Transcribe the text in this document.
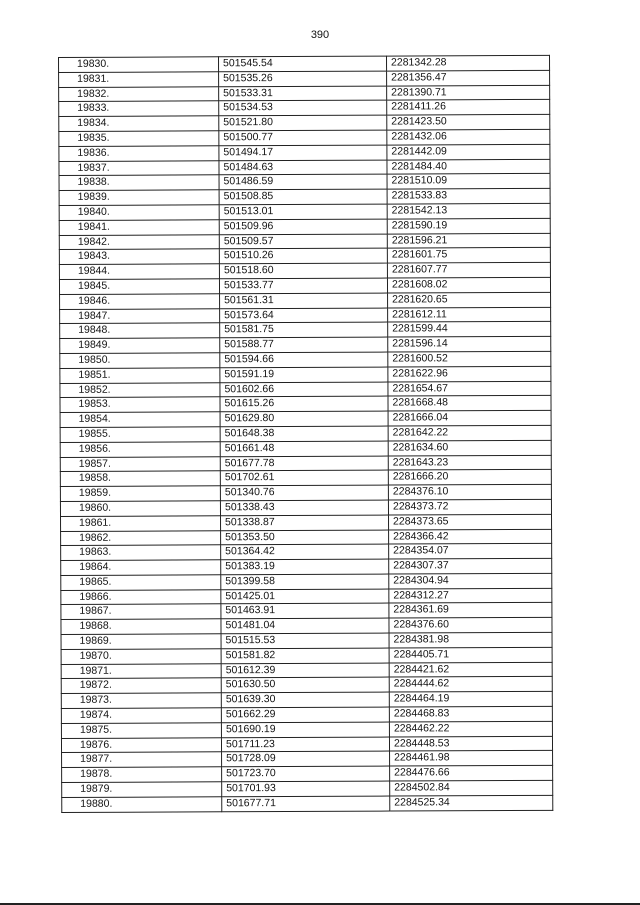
390
19830.	501545.54	2281342.28
19831.	501535.26	2281356.47
19832.	501533.31	2281390.71
19833.	501534.53	2281411.26
19834.	501521.80	2281423.50
19835.	501500.77	2281432.06
19836.	501494.17	2281442.09
19837.	501484.63	2281484.40
19838.	501486.59	2281510.09
19839.	501508.85	2281533.83
19840.	501513.01	2281542.13
19841.	501509.96	2281590.19
19842.	501509.57	2281596.21
19843.	501510.26	2281601.75
19844.	501518.60	2281607.77
19845.	501533.77	2281608.02
19846.	501561.31	2281620.65
19847.	501573.64	2281612.11
19848.	501581.75	2281599.44
19849.	501588.77	2281596.14
19850.	501594.66	2281600.52
19851.	501591.19	2281622.96
19852.	501602.66	2281654.67
19853.	501615.26	2281668.48
19854.	501629.80	2281666.04
19855.	501648.38	2281642.22
19856.	501661.48	2281634.60
19857.	501677.78	2281643.23
19858.	501702.61	2281666.20
19859.	501340.76	2284376.10
19860.	501338.43	2284373.72
19861.	501338.87	2284373.65
19862.	501353.50	2284366.42
19863.	501364.42	2284354.07
19864.	501383.19	2284307.37
19865.	501399.58	2284304.94
19866.	501425.01	2284312.27
19867.	501463.91	2284361.69
19868.	501481.04	2284376.60
19869.	501515.53	2284381.98
19870.	501581.82	2284405.71
19871.	501612.39	2284421.62
19872.	501630.50	2284444.62
19873.	501639.30	2284464.19
19874.	501662.29	2284468.83
19875.	501690.19	2284462.22
19876.	501711.23	2284448.53
19877.	501728.09	2284461.98
19878.	501723.70	2284476.66
19879.	501701.93	2284502.84
19880.	501677.71	2284525.34
